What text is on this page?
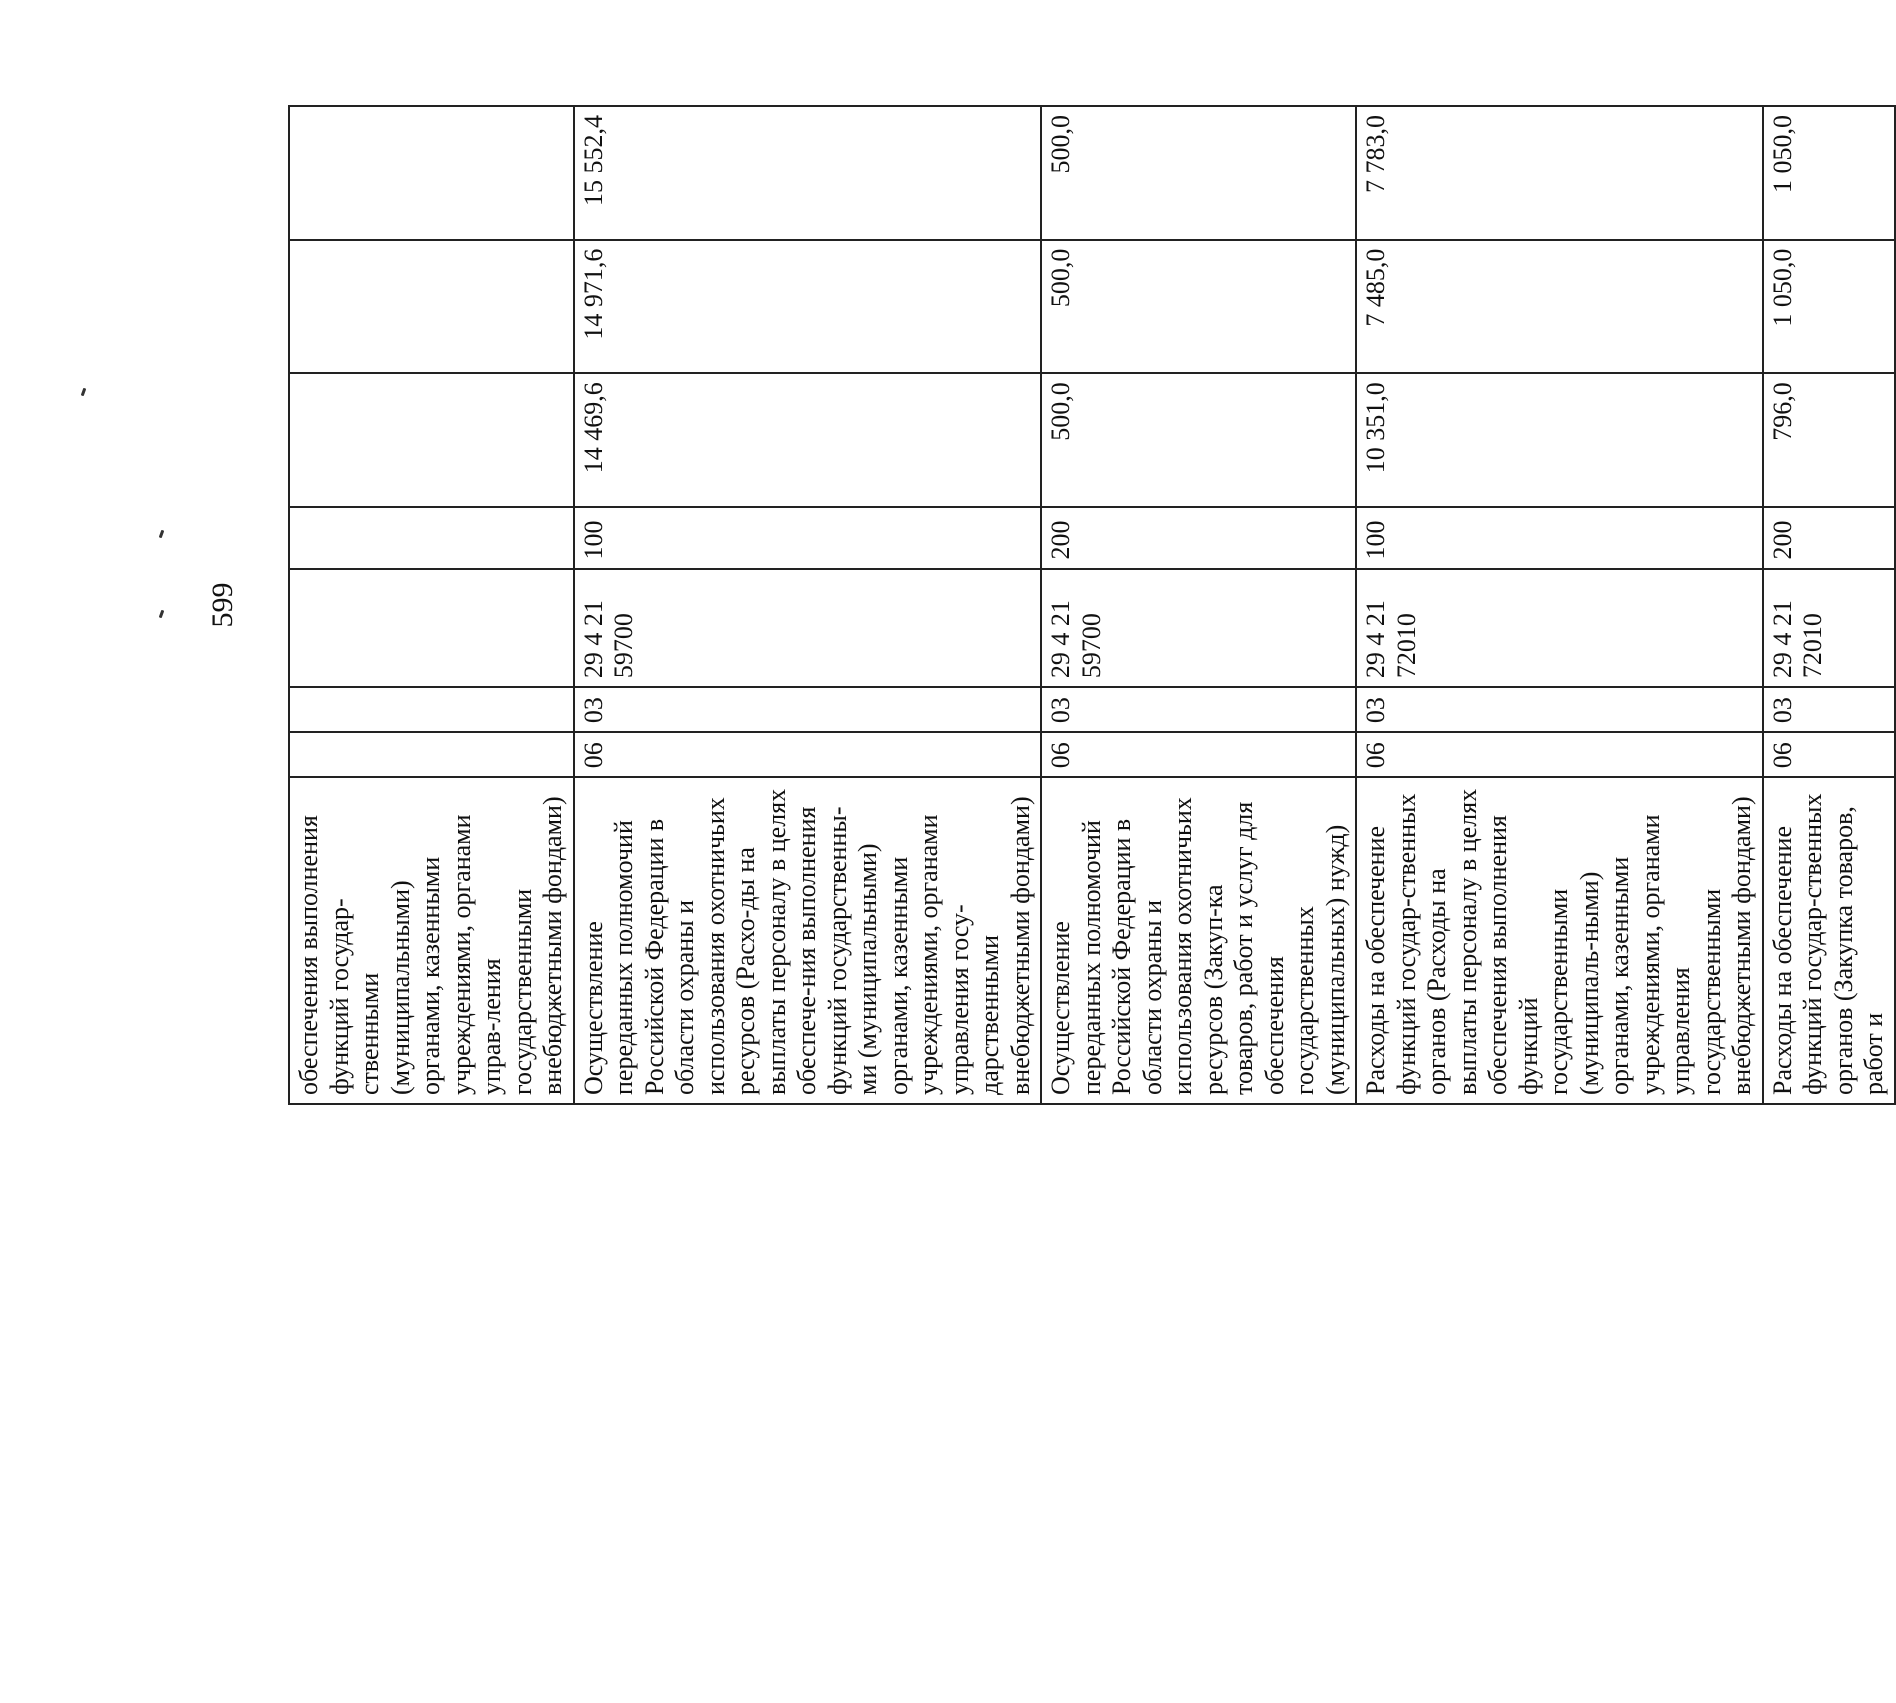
599
обеспечения выполнения функций государ-ственными (муниципальными) органами, казенными учреждениями, органами управ-ления государственными внебюджетными фондами)							
Осуществление переданных полномочий Российской Федерации в области охраны и использования охотничьих ресурсов (Расхо-ды на выплаты персоналу в целях обеспече-ния выполнения функций государственны-ми (муниципальными) органами, казенными учреждениями, органами управления госу-дарственными внебюджетными фондами)	06	03	29 4 21 59700	100	14 469,6	14 971,6	15 552,4
Осуществление переданных полномочий Российской Федерации в области охраны и использования охотничьих ресурсов (Закуп-ка товаров, работ и услуг для обеспечения государственных (муниципальных) нужд)	06	03	29 4 21 59700	200	500,0	500,0	500,0
Расходы на обеспечение функций государ-ственных органов (Расходы на выплаты персоналу в целях обеспечения выполнения функций государственными (муниципаль-ными) органами, казенными учреждениями, органами управления государственными внебюджетными фондами)	06	03	29 4 21 72010	100	10 351,0	7 485,0	7 783,0
Расходы на обеспечение функций государ-ственных органов (Закупка товаров, работ и	06	03	29 4 21 72010	200	796,0	1 050,0	1 050,0
